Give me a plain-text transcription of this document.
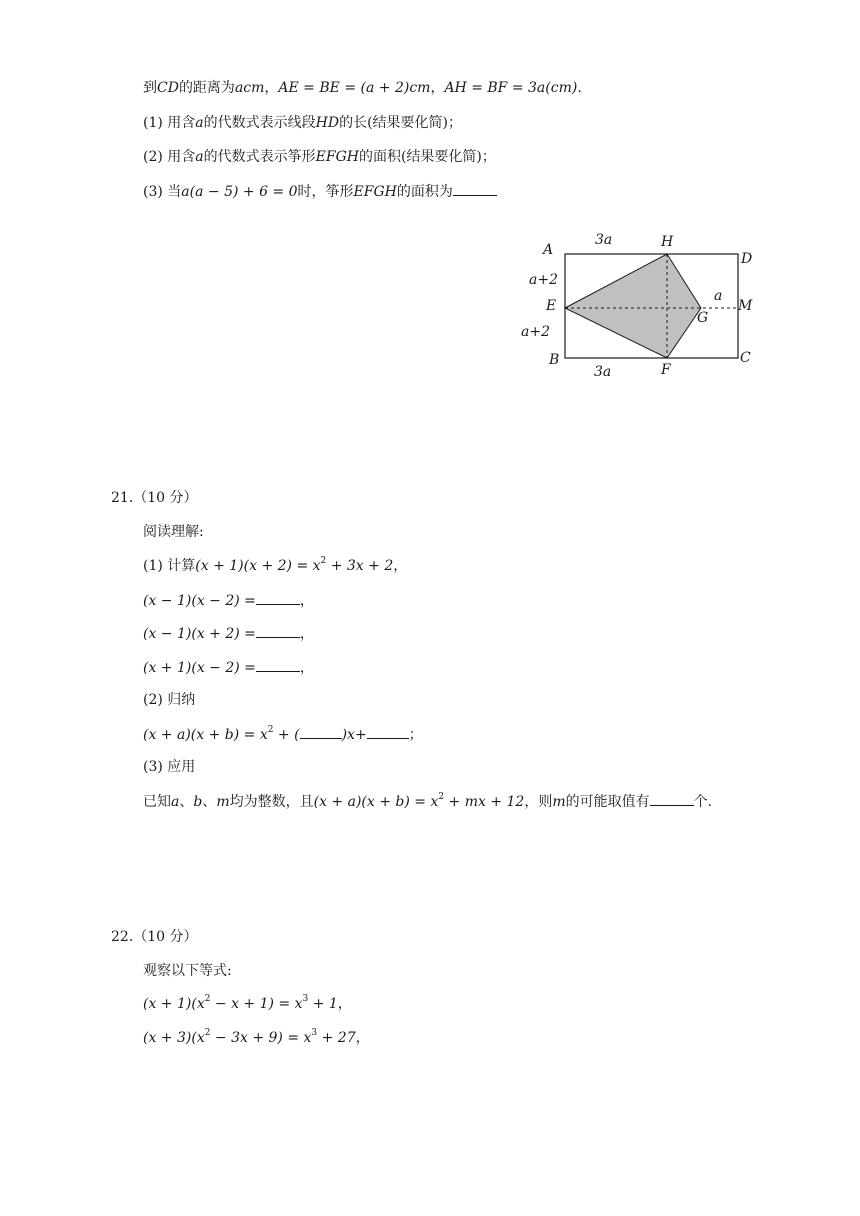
到CD的距离为acm，AE = BE = (a + 2)cm，AH = BF = 3a(cm).
(1) 用含a的代数式表示线段HD的长(结果要化简)；
(2) 用含a的代数式表示筝形EFGH的面积(结果要化简)；
(3) 当a(a − 5) + 6 = 0时，筝形EFGH的面积为
A
3a	H
D
a+2
E
a
M
G
a+2
B	C
3a	F
21.（10 分）
阅读理解:
(1) 计算$(x + 1)(x + 2) = x^2 + 3x + 2$，
(x − 1)(x − 2) =	，
(x − 1)(x + 2) =	，
(x + 1)(x − 2) =	，
(2) 归纳
$(x + a)(x + b) = x^2$ + (	)x+	；
(3) 应用
已知a、b、m均为整数，且$(x + a)(x + b) = x^2$ + mx + 12，则m的可能取值有	个.
22.（10 分）
观察以下等式:
$(x + 1)(x^2 - x + 1) = x^3 + 1$，
$(x + 3)(x^2 - 3x + 9) = x^3 + 27$，
